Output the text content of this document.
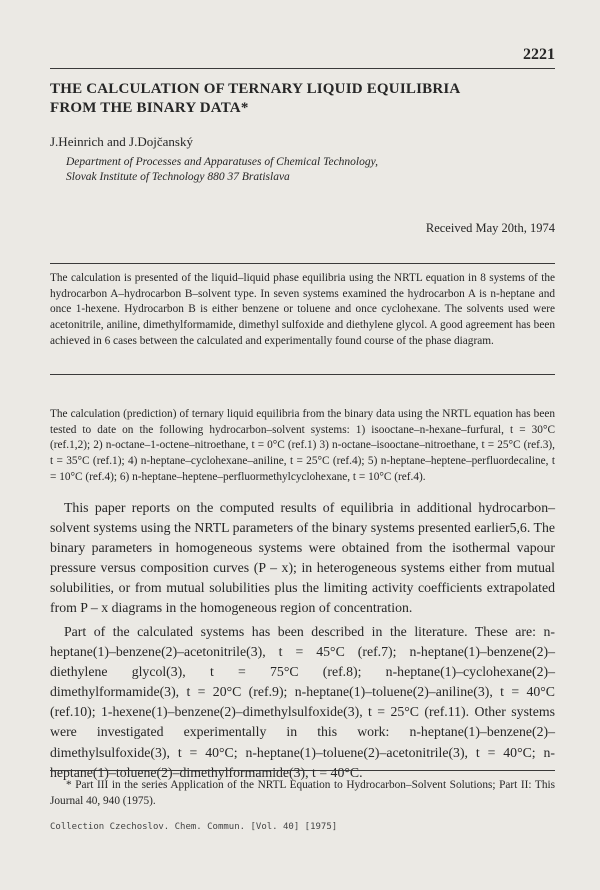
2221
THE CALCULATION OF TERNARY LIQUID EQUILIBRIA
FROM THE BINARY DATA*
J.Heinrich and J.Dojčanský
Department of Processes and Apparatuses of Chemical Technology,
Slovak Institute of Technology 880 37 Bratislava
Received May 20th, 1974
The calculation is presented of the liquid–liquid phase equilibria using the NRTL equation in 8 systems of the hydrocarbon A–hydrocarbon B–solvent type. In seven systems examined the hydrocarbon A is n-heptane and once 1-hexene. Hydrocarbon B is either benzene or toluene and once cyclohexane. The solvents used were acetonitrile, aniline, dimethylformamide, dimethyl sulfoxide and diethylene glycol. A good agreement has been achieved in 6 cases between the calculated and experimentally found course of the phase diagram.
The calculation (prediction) of ternary liquid equilibria from the binary data using the NRTL equation has been tested to date on the following hydrocarbon–solvent systems: 1) isooctane–n-hexane–furfural, t = 30°C (ref.1,2); 2) n-octane–1-octene–nitroethane, t = 0°C (ref.1) 3) n-octane–isooctane–nitroethane, t = 25°C (ref.3), t = 35°C (ref.1); 4) n-heptane–cyclohexane–aniline, t = 25°C (ref.4); 5) n-heptane–heptene–perfluordecaline, t = 10°C (ref.4); 6) n-heptane–heptene–perfluormethylcyclohexane, t = 10°C (ref.4).
This paper reports on the computed results of equilibria in additional hydrocarbon–solvent systems using the NRTL parameters of the binary systems presented earlier5,6. The binary parameters in homogeneous systems were obtained from the isothermal vapour pressure versus composition curves (P – x); in heterogeneous systems either from mutual solubilities, or from mutual solubilities plus the limiting activity coefficients extrapolated from P – x diagrams in the homogeneous region of concentration.
Part of the calculated systems has been described in the literature. These are: n-heptane(1)–benzene(2)–acetonitrile(3), t = 45°C (ref.7); n-heptane(1)–benzene(2)–diethylene glycol(3), t = 75°C (ref.8); n-heptane(1)–cyclohexane(2)–dimethylformamide(3), t = 20°C (ref.9); n-heptane(1)–toluene(2)–aniline(3), t = 40°C (ref.10); 1-hexene(1)–benzene(2)–dimethylsulfoxide(3), t = 25°C (ref.11). Other systems were investigated experimentally in this work: n-heptane(1)–benzene(2)–dimethylsulfoxide(3), t = 40°C; n-heptane(1)–toluene(2)–acetonitrile(3), t = 40°C; n-heptane(1)–toluene(2)–dimethylformamide(3), t = 40°C.
* Part III in the series Application of the NRTL Equation to Hydrocarbon–Solvent Solutions; Part II: This Journal 40, 940 (1975).
Collection Czechoslov. Chem. Commun. [Vol. 40] [1975]
